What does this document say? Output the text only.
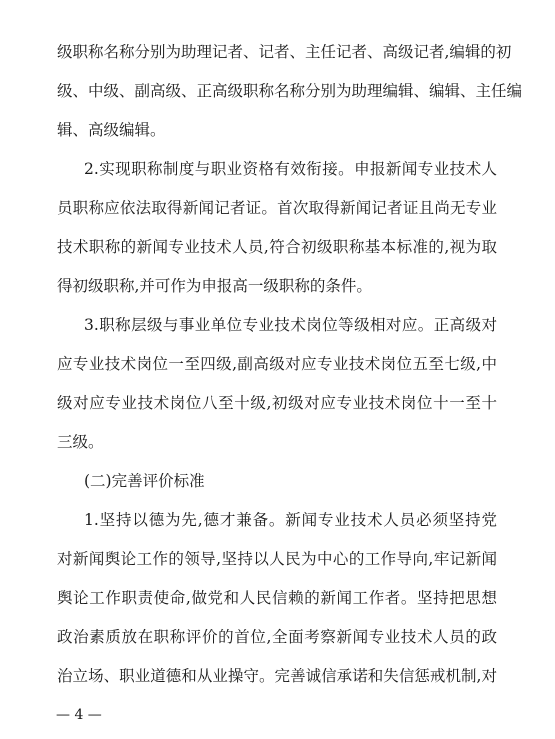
级职称名称分别为助理记者、记者、主任记者、高级记者,编辑的初
级、中级、副高级、正高级职称名称分别为助理编辑、编辑、主任编
辑、高级编辑。
2.实现职称制度与职业资格有效衔接。申报新闻专业技术人
员职称应依法取得新闻记者证。首次取得新闻记者证且尚无专业
技术职称的新闻专业技术人员,符合初级职称基本标准的,视为取
得初级职称,并可作为申报高一级职称的条件。
3.职称层级与事业单位专业技术岗位等级相对应。正高级对
应专业技术岗位一至四级,副高级对应专业技术岗位五至七级,中
级对应专业技术岗位八至十级,初级对应专业技术岗位十一至十
三级。
(二)完善评价标准
1.坚持以德为先,德才兼备。新闻专业技术人员必须坚持党
对新闻舆论工作的领导,坚持以人民为中心的工作导向,牢记新闻
舆论工作职责使命,做党和人民信赖的新闻工作者。坚持把思想
政治素质放在职称评价的首位,全面考察新闻专业技术人员的政
治立场、职业道德和从业操守。完善诚信承诺和失信惩戒机制,对
— 4 —
